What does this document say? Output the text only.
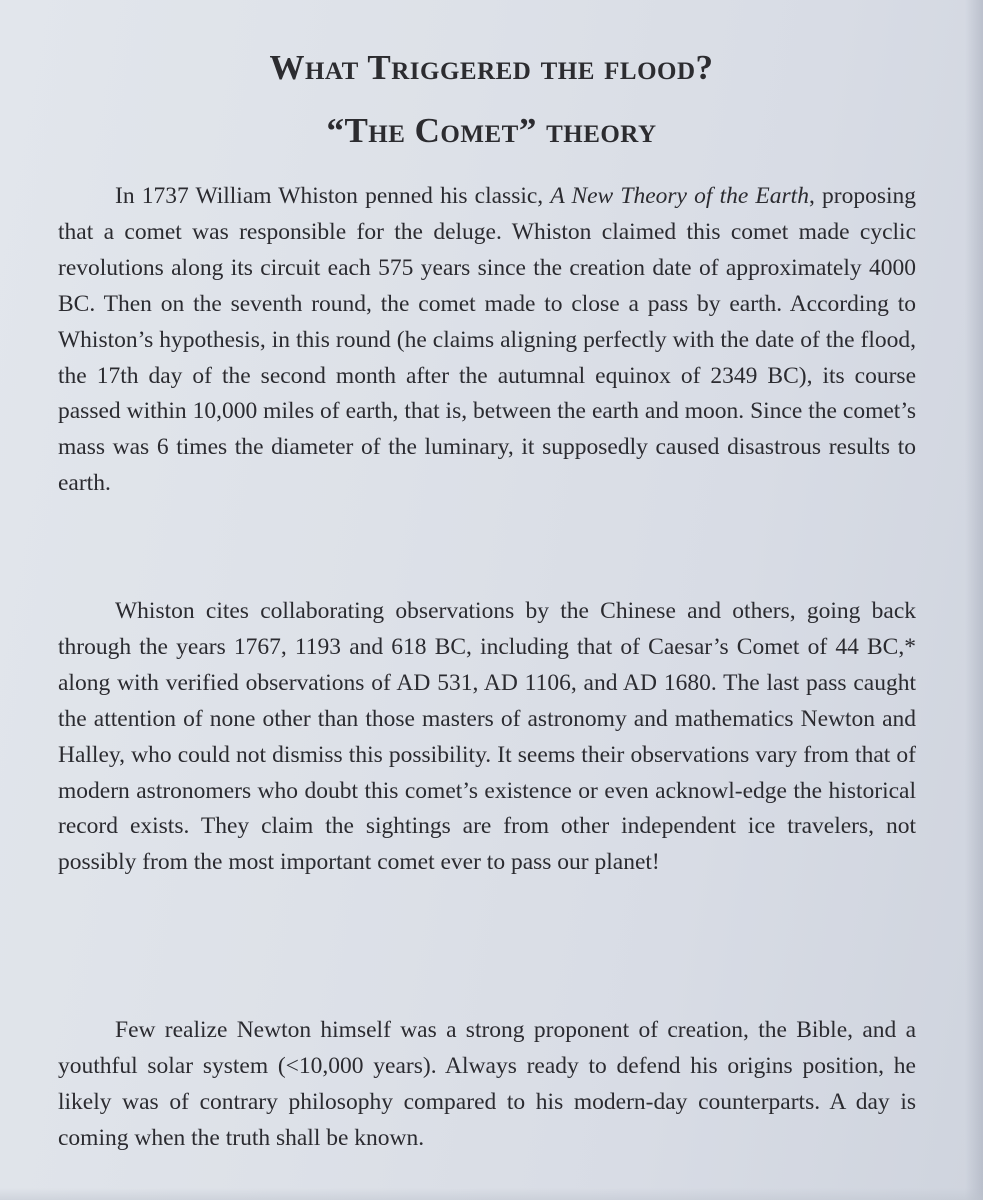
What Triggered the flood?
“The Comet” theory

In 1737 William Whiston penned his classic, A New Theory of the Earth, proposing that a comet was responsible for the deluge. Whiston claimed this comet made cyclic revolutions along its circuit each 575 years since the creation date of approximately 4000 BC. Then on the seventh round, the comet made to close a pass by earth. According to Whiston’s hypothesis, in this round (he claims aligning perfectly with the date of the flood, the 17th day of the second month after the autumnal equinox of 2349 BC), its course passed within 10,000 miles of earth, that is, between the earth and moon. Since the comet’s mass was 6 times the diameter of the luminary, it supposedly caused disastrous results to earth.

Whiston cites collaborating observations by the Chinese and others, going back through the years 1767, 1193 and 618 BC, including that of Caesar’s Comet of 44 BC,* along with verified observations of AD 531, AD 1106, and AD 1680. The last pass caught the attention of none other than those masters of astronomy and mathematics Newton and Halley, who could not dismiss this possibility. It seems their observations vary from that of modern astronomers who doubt this comet’s existence or even acknowl-edge the historical record exists. They claim the sightings are from other independent ice travelers, not possibly from the most important comet ever to pass our planet!

Few realize Newton himself was a strong proponent of creation, the Bible, and a youthful solar system (<10,000 years). Always ready to defend his origins position, he likely was of contrary philosophy compared to his modern-day counterparts. A day is coming when the truth shall be known.
